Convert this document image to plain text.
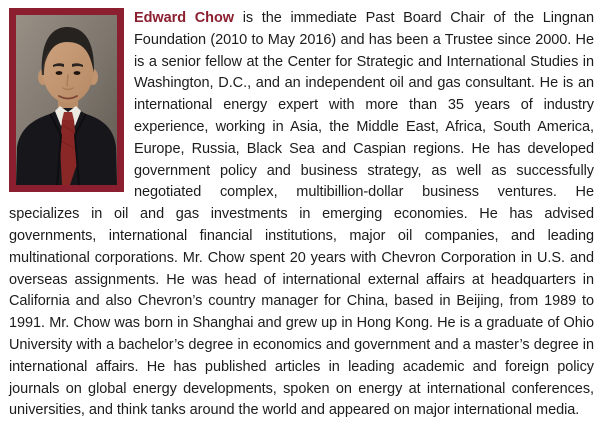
Edward Chow is the immediate Past Board Chair of the Lingnan Foundation (2010 to May 2016) and has been a Trustee since 2000. He is a senior fellow at the Center for Strategic and International Studies in Washington, D.C., and an independent oil and gas consultant. He is an international energy expert with more than 35 years of industry experience, working in Asia, the Middle East, Africa, South America, Europe, Russia, Black Sea and Caspian regions. He has developed government policy and business strategy, as well as successfully negotiated complex, multibillion-dollar business ventures. He specializes in oil and gas investments in emerging economies. He has advised governments, international financial institutions, major oil companies, and leading multinational corporations. Mr. Chow spent 20 years with Chevron Corporation in U.S. and overseas assignments. He was head of international external affairs at headquarters in California and also Chevron’s country manager for China, based in Beijing, from 1989 to 1991. Mr. Chow was born in Shanghai and grew up in Hong Kong. He is a graduate of Ohio University with a bachelor’s degree in economics and government and a master’s degree in international affairs. He has published articles in leading academic and foreign policy journals on global energy developments, spoken on energy at international conferences, universities, and think tanks around the world and appeared on major international media.
